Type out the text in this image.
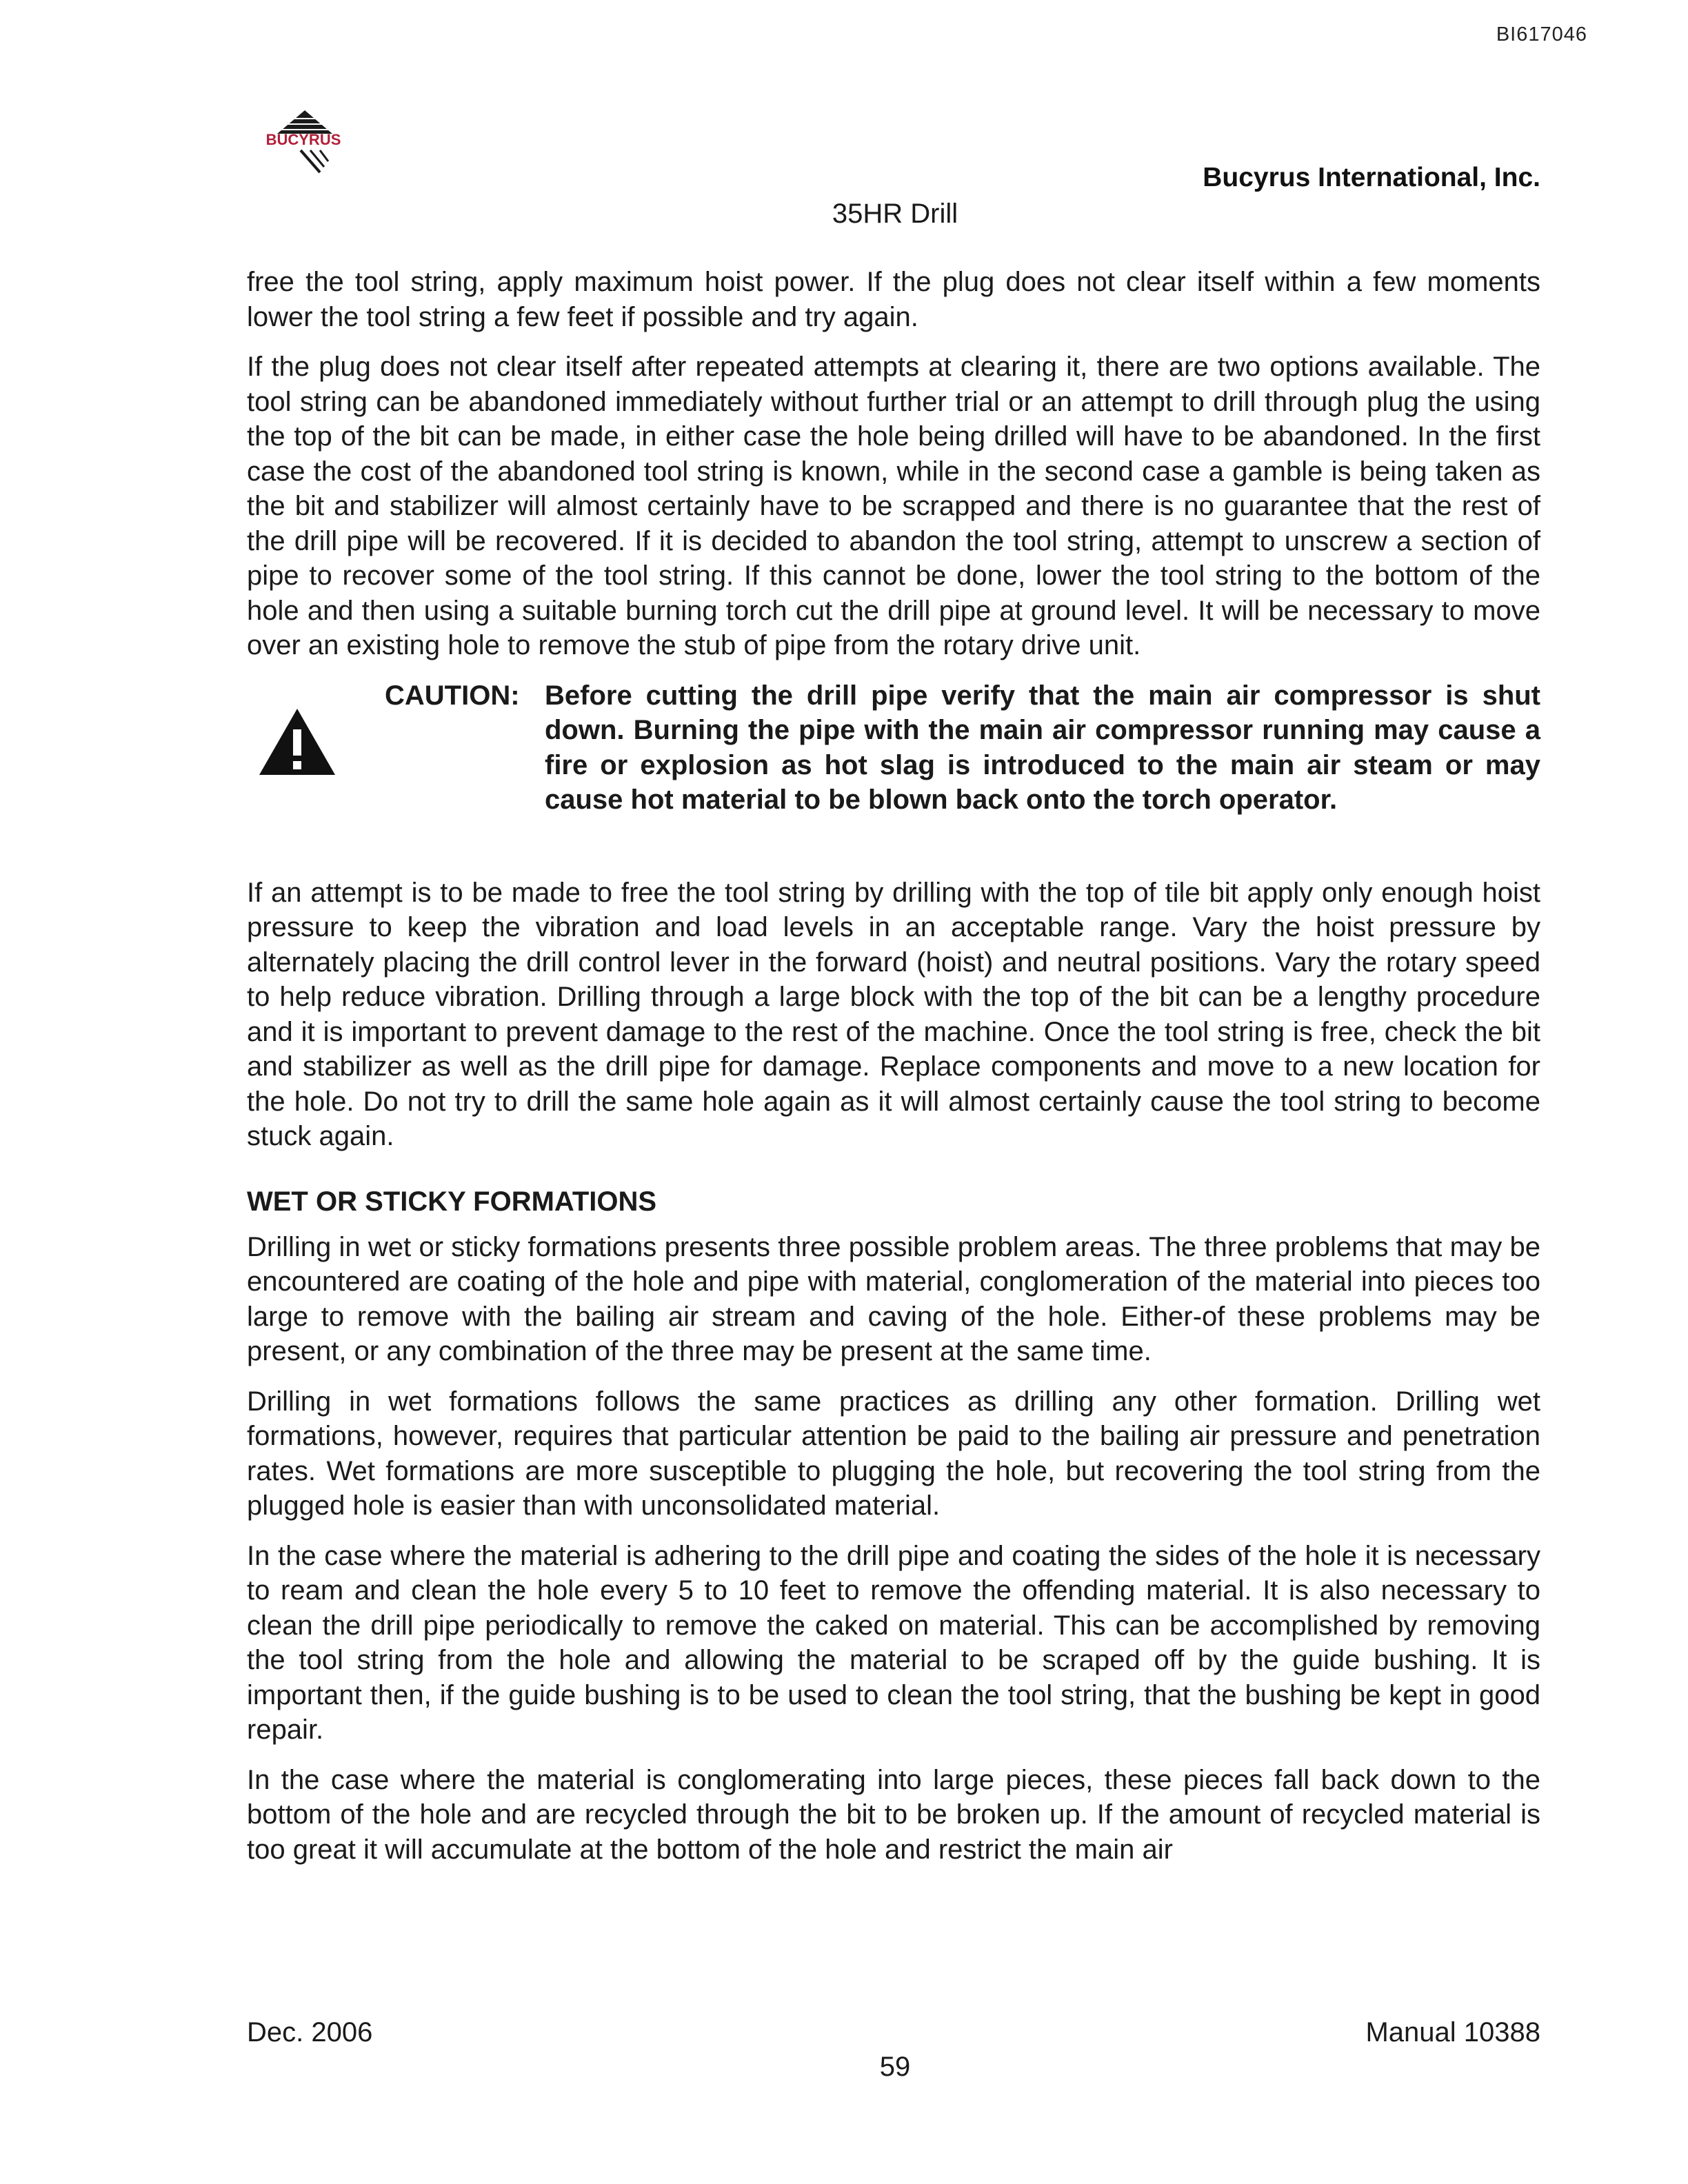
BI617046
BUCYRUS
Bucyrus International, Inc.
35HR Drill

free the tool string, apply maximum hoist power. If the plug does not clear itself within a few moments lower the tool string a few feet if possible and try again.

If the plug does not clear itself after repeated attempts at clearing it, there are two options available. The tool string can be abandoned immediately without further trial or an attempt to drill through plug the using the top of the bit can be made, in either case the hole being drilled will have to be abandoned. In the first case the cost of the abandoned tool string is known, while in the second case a gamble is being taken as the bit and stabilizer will almost certainly have to be scrapped and there is no guarantee that the rest of the drill pipe will be recovered. If it is decided to abandon the tool string, attempt to unscrew a section of pipe to recover some of the tool string. If this cannot be done, lower the tool string to the bottom of the hole and then using a suitable burning torch cut the drill pipe at ground level. It will be necessary to move over an existing hole to remove the stub of pipe from the rotary drive unit.

CAUTION: Before cutting the drill pipe verify that the main air compressor is shut down. Burning the pipe with the main air compressor running may cause a fire or explosion as hot slag is introduced to the main air steam or may cause hot material to be blown back onto the torch operator.

If an attempt is to be made to free the tool string by drilling with the top of tile bit apply only enough hoist pressure to keep the vibration and load levels in an acceptable range. Vary the hoist pressure by alternately placing the drill control lever in the forward (hoist) and neutral positions. Vary the rotary speed to help reduce vibration. Drilling through a large block with the top of the bit can be a lengthy procedure and it is important to prevent damage to the rest of the machine. Once the tool string is free, check the bit and stabilizer as well as the drill pipe for damage. Replace components and move to a new location for the hole. Do not try to drill the same hole again as it will almost certainly cause the tool string to become stuck again.

WET OR STICKY FORMATIONS

Drilling in wet or sticky formations presents three possible problem areas. The three problems that may be encountered are coating of the hole and pipe with material, conglomeration of the material into pieces too large to remove with the bailing air stream and caving of the hole. Either-of these problems may be present, or any combination of the three may be present at the same time.

Drilling in wet formations follows the same practices as drilling any other formation. Drilling wet formations, however, requires that particular attention be paid to the bailing air pressure and penetration rates. Wet formations are more susceptible to plugging the hole, but recovering the tool string from the plugged hole is easier than with unconsolidated material.

In the case where the material is adhering to the drill pipe and coating the sides of the hole it is necessary to ream and clean the hole every 5 to 10 feet to remove the offending material. It is also necessary to clean the drill pipe periodically to remove the caked on material. This can be accomplished by removing the tool string from the hole and allowing the material to be scraped off by the guide bushing. It is important then, if the guide bushing is to be used to clean the tool string, that the bushing be kept in good repair.

In the case where the material is conglomerating into large pieces, these pieces fall back down to the bottom of the hole and are recycled through the bit to be broken up. If the amount of recycled material is too great it will accumulate at the bottom of the hole and restrict the main air

Dec. 2006	Manual 10388
59
